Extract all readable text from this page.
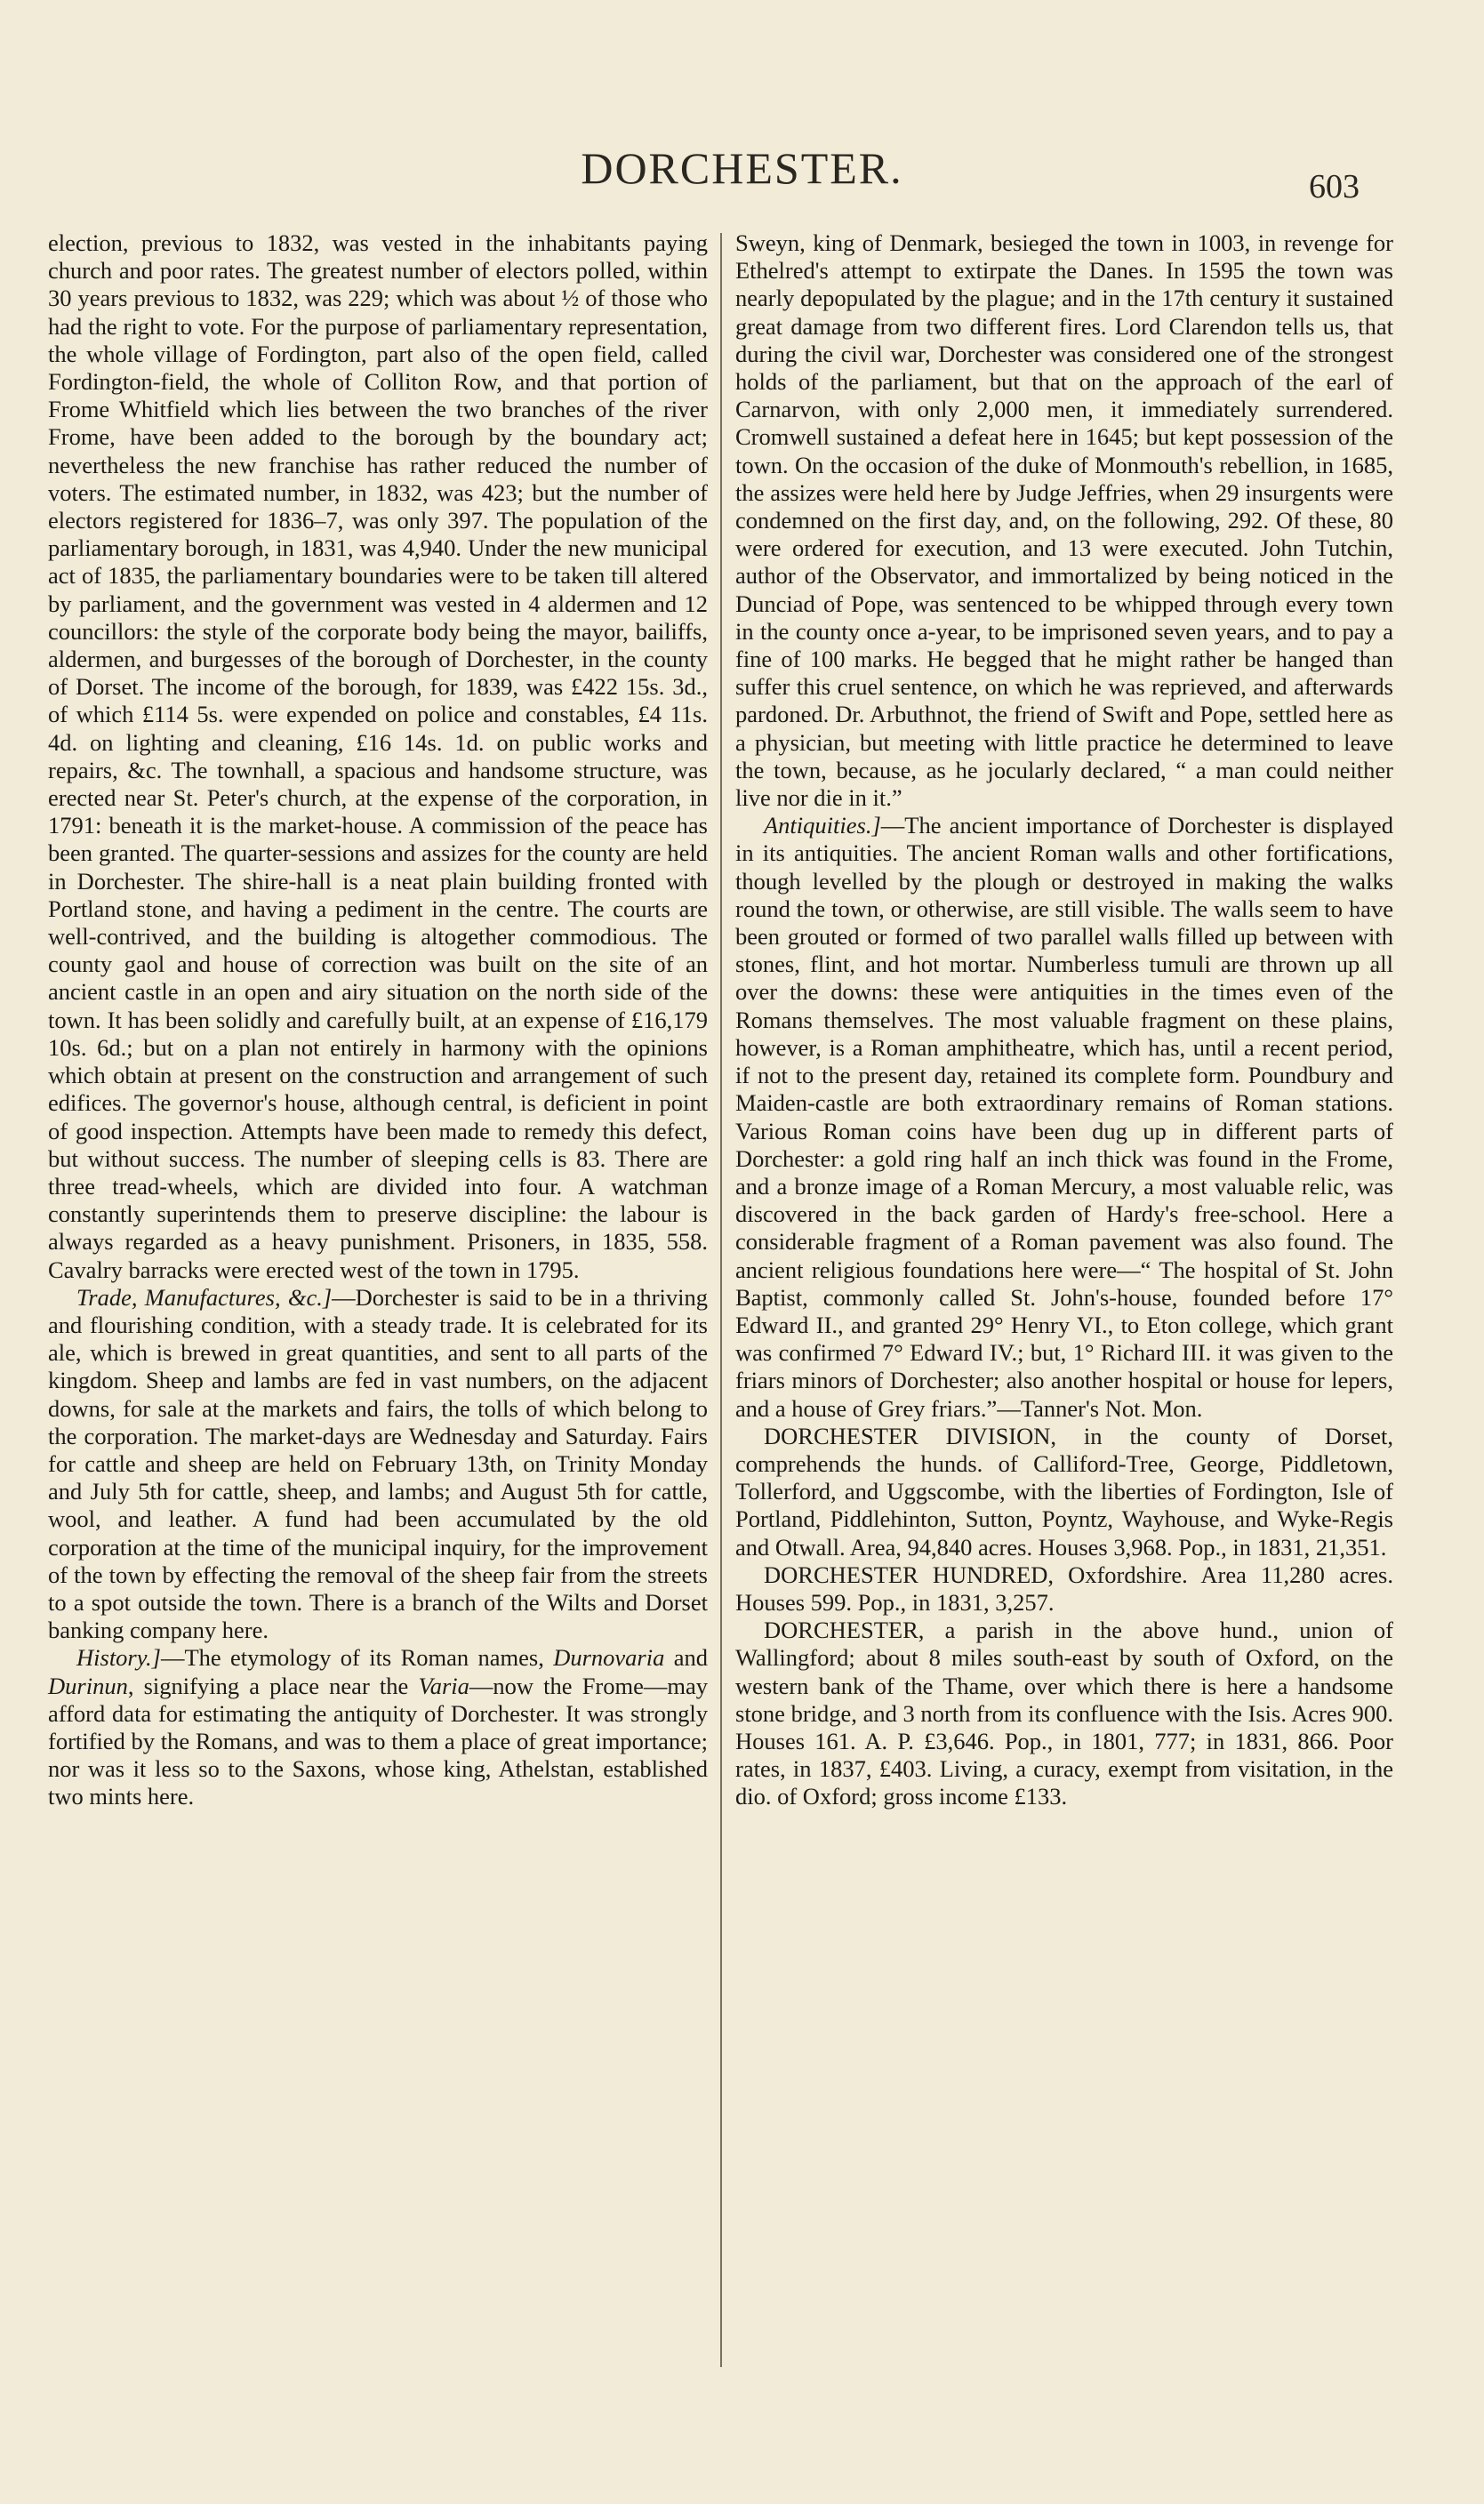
DORCHESTER.	603

election, previous to 1832, was vested in the inhabitants paying church and poor rates. The greatest number of electors polled, within 30 years previous to 1832, was 229; which was about ½ of those who had the right to vote. For the purpose of parliamentary representation, the whole village of Fordington, part also of the open field, called Fordington-field, the whole of Colliton Row, and that portion of Frome Whitfield which lies between the two branches of the river Frome, have been added to the borough by the boundary act; nevertheless the new franchise has rather reduced the number of voters. The estimated number, in 1832, was 423; but the number of electors registered for 1836–7, was only 397. The population of the parliamentary borough, in 1831, was 4,940. Under the new municipal act of 1835, the parliamentary boundaries were to be taken till altered by parliament, and the government was vested in 4 aldermen and 12 councillors: the style of the corporate body being the mayor, bailiffs, aldermen, and burgesses of the borough of Dorchester, in the county of Dorset. The income of the borough, for 1839, was £422 15s. 3d., of which £114 5s. were expended on police and constables, £4 11s. 4d. on lighting and cleaning, £16 14s. 1d. on public works and repairs, &c. The townhall, a spacious and handsome structure, was erected near St. Peter's church, at the expense of the corporation, in 1791: beneath it is the market-house. A commission of the peace has been granted. The quarter-sessions and assizes for the county are held in Dorchester. The shire-hall is a neat plain building fronted with Portland stone, and having a pediment in the centre. The courts are well-contrived, and the building is altogether commodious. The county gaol and house of correction was built on the site of an ancient castle in an open and airy situation on the north side of the town. It has been solidly and carefully built, at an expense of £16,179 10s. 6d.; but on a plan not entirely in harmony with the opinions which obtain at present on the construction and arrangement of such edifices. The governor's house, although central, is deficient in point of good inspection. Attempts have been made to remedy this defect, but without success. The number of sleeping cells is 83. There are three tread-wheels, which are divided into four. A watchman constantly superintends them to preserve discipline: the labour is always regarded as a heavy punishment. Prisoners, in 1835, 558. Cavalry barracks were erected west of the town in 1795.

Trade, Manufactures, &c.]—Dorchester is said to be in a thriving and flourishing condition, with a steady trade. It is celebrated for its ale, which is brewed in great quantities, and sent to all parts of the kingdom. Sheep and lambs are fed in vast numbers, on the adjacent downs, for sale at the markets and fairs, the tolls of which belong to the corporation. The market-days are Wednesday and Saturday. Fairs for cattle and sheep are held on February 13th, on Trinity Monday and July 5th for cattle, sheep, and lambs; and August 5th for cattle, wool, and leather. A fund had been accumulated by the old corporation at the time of the municipal inquiry, for the improvement of the town by effecting the removal of the sheep fair from the streets to a spot outside the town. There is a branch of the Wilts and Dorset banking company here.

History.]—The etymology of its Roman names, Durnovaria and Durinun, signifying a place near the Varia—now the Frome—may afford data for estimating the antiquity of Dorchester. It was strongly fortified by the Romans, and was to them a place of great importance; nor was it less so to the Saxons, whose king, Athelstan, established two mints here.

Sweyn, king of Denmark, besieged the town in 1003, in revenge for Ethelred's attempt to extirpate the Danes. In 1595 the town was nearly depopulated by the plague; and in the 17th century it sustained great damage from two different fires. Lord Clarendon tells us, that during the civil war, Dorchester was considered one of the strongest holds of the parliament, but that on the approach of the earl of Carnarvon, with only 2,000 men, it immediately surrendered. Cromwell sustained a defeat here in 1645; but kept possession of the town. On the occasion of the duke of Monmouth's rebellion, in 1685, the assizes were held here by Judge Jeffries, when 29 insurgents were condemned on the first day, and, on the following, 292. Of these, 80 were ordered for execution, and 13 were executed. John Tutchin, author of the Observator, and immortalized by being noticed in the Dunciad of Pope, was sentenced to be whipped through every town in the county once a-year, to be imprisoned seven years, and to pay a fine of 100 marks. He begged that he might rather be hanged than suffer this cruel sentence, on which he was reprieved, and afterwards pardoned. Dr. Arbuthnot, the friend of Swift and Pope, settled here as a physician, but meeting with little practice he determined to leave the town, because, as he jocularly declared, “ a man could neither live nor die in it.”

Antiquities.]—The ancient importance of Dorchester is displayed in its antiquities. The ancient Roman walls and other fortifications, though levelled by the plough or destroyed in making the walks round the town, or otherwise, are still visible. The walls seem to have been grouted or formed of two parallel walls filled up between with stones, flint, and hot mortar. Numberless tumuli are thrown up all over the downs: these were antiquities in the times even of the Romans themselves. The most valuable fragment on these plains, however, is a Roman amphitheatre, which has, until a recent period, if not to the present day, retained its complete form. Poundbury and Maiden-castle are both extraordinary remains of Roman stations. Various Roman coins have been dug up in different parts of Dorchester: a gold ring half an inch thick was found in the Frome, and a bronze image of a Roman Mercury, a most valuable relic, was discovered in the back garden of Hardy's free-school. Here a considerable fragment of a Roman pavement was also found. The ancient religious foundations here were—“ The hospital of St. John Baptist, commonly called St. John's-house, founded before 17° Edward II., and granted 29° Henry VI., to Eton college, which grant was confirmed 7° Edward IV.; but, 1° Richard III. it was given to the friars minors of Dorchester; also another hospital or house for lepers, and a house of Grey friars.”—Tanner's Not. Mon.

DORCHESTER DIVISION, in the county of Dorset, comprehends the hunds. of Calliford-Tree, George, Piddletown, Tollerford, and Uggscombe, with the liberties of Fordington, Isle of Portland, Piddlehinton, Sutton, Poyntz, Wayhouse, and Wyke-Regis and Otwall. Area, 94,840 acres. Houses 3,968. Pop., in 1831, 21,351.

DORCHESTER HUNDRED, Oxfordshire. Area 11,280 acres. Houses 599. Pop., in 1831, 3,257.

DORCHESTER, a parish in the above hund., union of Wallingford; about 8 miles south-east by south of Oxford, on the western bank of the Thame, over which there is here a handsome stone bridge, and 3 north from its confluence with the Isis. Acres 900. Houses 161. A. P. £3,646. Pop., in 1801, 777; in 1831, 866. Poor rates, in 1837, £403. Living, a curacy, exempt from visitation, in the dio. of Oxford; gross income £133.
